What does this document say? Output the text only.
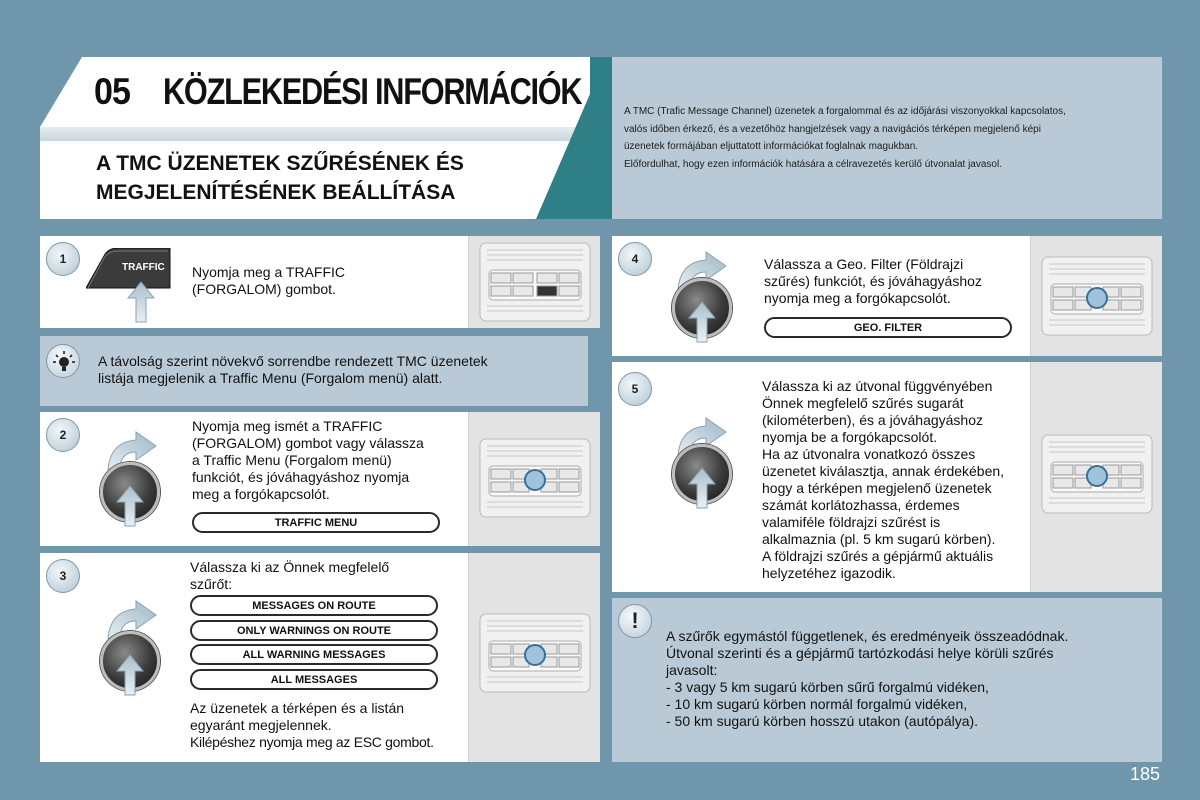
05 KÖZLEKEDÉSI INFORMÁCIÓK
A TMC ÜZENETEK SZŰRÉSÉNEK ÉS
MEGJELENÍTÉSÉNEK BEÁLLÍTÁSA
A TMC (Trafic Message Channel) üzenetek a forgalommal és az időjárási viszonyokkal kapcsolatos,
valós időben érkező, és a vezetőhöz hangjelzések vagy a navigációs térképen megjelenő képi
üzenetek formájában eljuttatott információkat foglalnak magukban.
Előfordulhat, hogy ezen információk hatására a célravezetés kerülő útvonalat javasol.
1
TRAFFIC Nyomja meg a TRAFFIC
(FORGALOM) gombot.
A távolság szerint növekvő sorrendbe rendezett TMC üzenetek
listája megjelenik a Traffic Menu (Forgalom menü) alatt.
2
Nyomja meg ismét a TRAFFIC
(FORGALOM) gombot vagy válassza
a Traffic Menu (Forgalom menü)
funkciót, és jóváhagyáshoz nyomja
meg a forgókapcsolót.
TRAFFIC MENU
3
Válassza ki az Önnek megfelelő
szűrőt:
MESSAGES ON ROUTE
ONLY WARNINGS ON ROUTE
ALL WARNING MESSAGES
ALL MESSAGES
Az üzenetek a térképen és a listán
egyaránt megjelennek.
Kilépéshez nyomja meg az ESC gombot.
4	Válassza a Geo. Filter (Földrajzi
szűrés) funkciót, és jóváhagyáshoz
nyomja meg a forgókapcsolót.
GEO. FILTER
5	Válassza ki az útvonal függvényében
Önnek megfelelő szűrés sugarát
(kilométerben), és a jóváhagyáshoz
nyomja be a forgókapcsolót.
Ha az útvonalra vonatkozó összes
üzenetet kiválasztja, annak érdekében,
hogy a térképen megjelenő üzenetek
számát korlátozhassa, érdemes
valamiféle földrajzi szűrést is
alkalmaznia (pl. 5 km sugarú körben).
A földrajzi szűrés a gépjármű aktuális
helyzetéhez igazodik.
!
A szűrők egymástól függetlenek, és eredményeik összeadódnak.
Útvonal szerinti és a gépjármű tartózkodási helye körüli szűrés
javasolt:
- 3 vagy 5 km sugarú körben sűrű forgalmú vidéken,
- 10 km sugarú körben normál forgalmú vidéken,
- 50 km sugarú körben hosszú utakon (autópálya).
185
